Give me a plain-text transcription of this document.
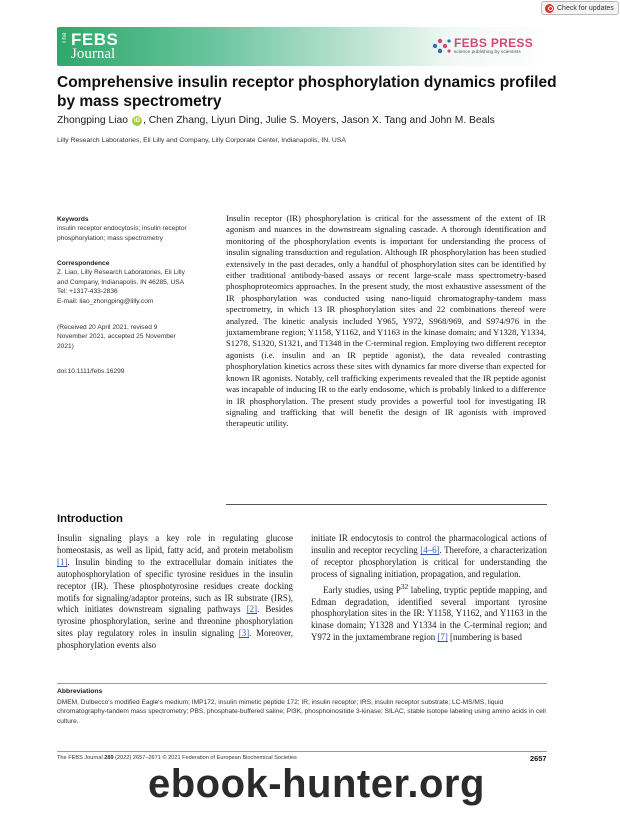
Check for updates
The FEBS
Journal
FEBS PRESS
science publishing by scientists
Comprehensive insulin receptor phosphorylation dynamics profiled by mass spectrometry
Zhongping Liao	iD , Chen Zhang, Liyun Ding, Julie S. Moyers, Jason X. Tang and John M. Beals
Lilly Research Laboratories, Eli Lilly and Company, Lilly Corporate Center, Indianapolis, IN, USA
Keywords
insulin receptor endocytosis; insulin receptor
phosphorylation; mass spectrometry
Correspondence
Z. Liao, Lilly Research Laboratories, Eli Lilly
and Company, Indianapolis, IN 46285, USA
Tel: +1317-433-2836
E-mail: liao_zhongping@lilly.com
(Received 20 April 2021, revised 9
November 2021, accepted 25 November
2021)
doi:10.1111/febs.16299

Insulin receptor (IR) phosphorylation is critical for the assessment of the extent of IR agonism and nuances in the downstream signaling cascade. A thorough identification and monitoring of the phosphorylation events is important for understanding the process of insulin signaling transduction and regulation. Although IR phosphorylation has been studied extensively in the past decades, only a handful of phosphorylation sites can be identified by either traditional antibody-based assays or recent large-scale mass spectrometry-based phosphoproteomics approaches. In the present study, the most exhaustive assessment of the IR phosphorylation was conducted using nano-liquid chromatography-tandem mass spectrometry, in which 13 IR phosphorylation sites and 22 combinations thereof were analyzed. The kinetic analysis included Y965, Y972, S968/969, and S974/976 in the juxtamembrane region; Y1158, Y1162, and Y1163 in the kinase domain; and Y1328, Y1334, S1278, S1320, S1321, and T1348 in the C-terminal region. Employing two different receptor agonists (i.e. insulin and an IR peptide agonist), the data revealed contrasting phosphorylation kinetics across these sites with dynamics far more diverse than expected for known IR agonists. Notably, cell trafficking experiments revealed that the IR peptide agonist was incapable of inducing IR to the early endosome, which is probably linked to a difference in IR phosphorylation. The present study provides a powerful tool for investigating IR signaling and trafficking that will benefit the design of IR agonists with improved therapeutic utility.

Introduction

Insulin signaling plays a key role in regulating glucose homeostasis, as well as lipid, fatty acid, and protein metabolism [1]. Insulin binding to the extracellular domain initiates the autophosphorylation of specific tyrosine residues in the insulin receptor (IR). These phosphotyrosine residues create docking motifs for signaling/adaptor proteins, such as IR substrate (IRS), which initiates downstream signaling pathways [2]. Besides tyrosine phosphorylation, serine and threonine phosphorylation sites play regulatory roles in insulin signaling [3]. Moreover, phosphorylation events also

initiate IR endocytosis to control the pharmacological actions of insulin and receptor recycling [4–6]. Therefore, a characterization of receptor phosphorylation is critical for understanding the process of signaling initiation, propagation, and regulation.

Early studies, using $P^{32}$ labeling, tryptic peptide mapping, and Edman degradation, identified several important tyrosine phosphorylation sites in the IR: Y1158, Y1162, and Y1163 in the kinase domain; Y1328 and Y1334 in the C-terminal region; and Y972 in the juxtamembrane region [7] [numbering is based

Abbreviations

DMEM, Dulbecco's modified Eagle's medium; IMP172, insulin mimetic peptide 172; IR, insulin receptor; IRS, insulin receptor substrate; LC-MS/MS, liquid chromatography-tandem mass spectrometry; PBS, phosphate-buffered saline; PI3K, phosphoinositide 3-kinase; SILAC, stable isotope labeling using amino acids in cell culture.

The FEBS Journal 289 (2022) 2657–2671 © 2021 Federation of European Biochemical Societies	2657
ebook-hunter.org
